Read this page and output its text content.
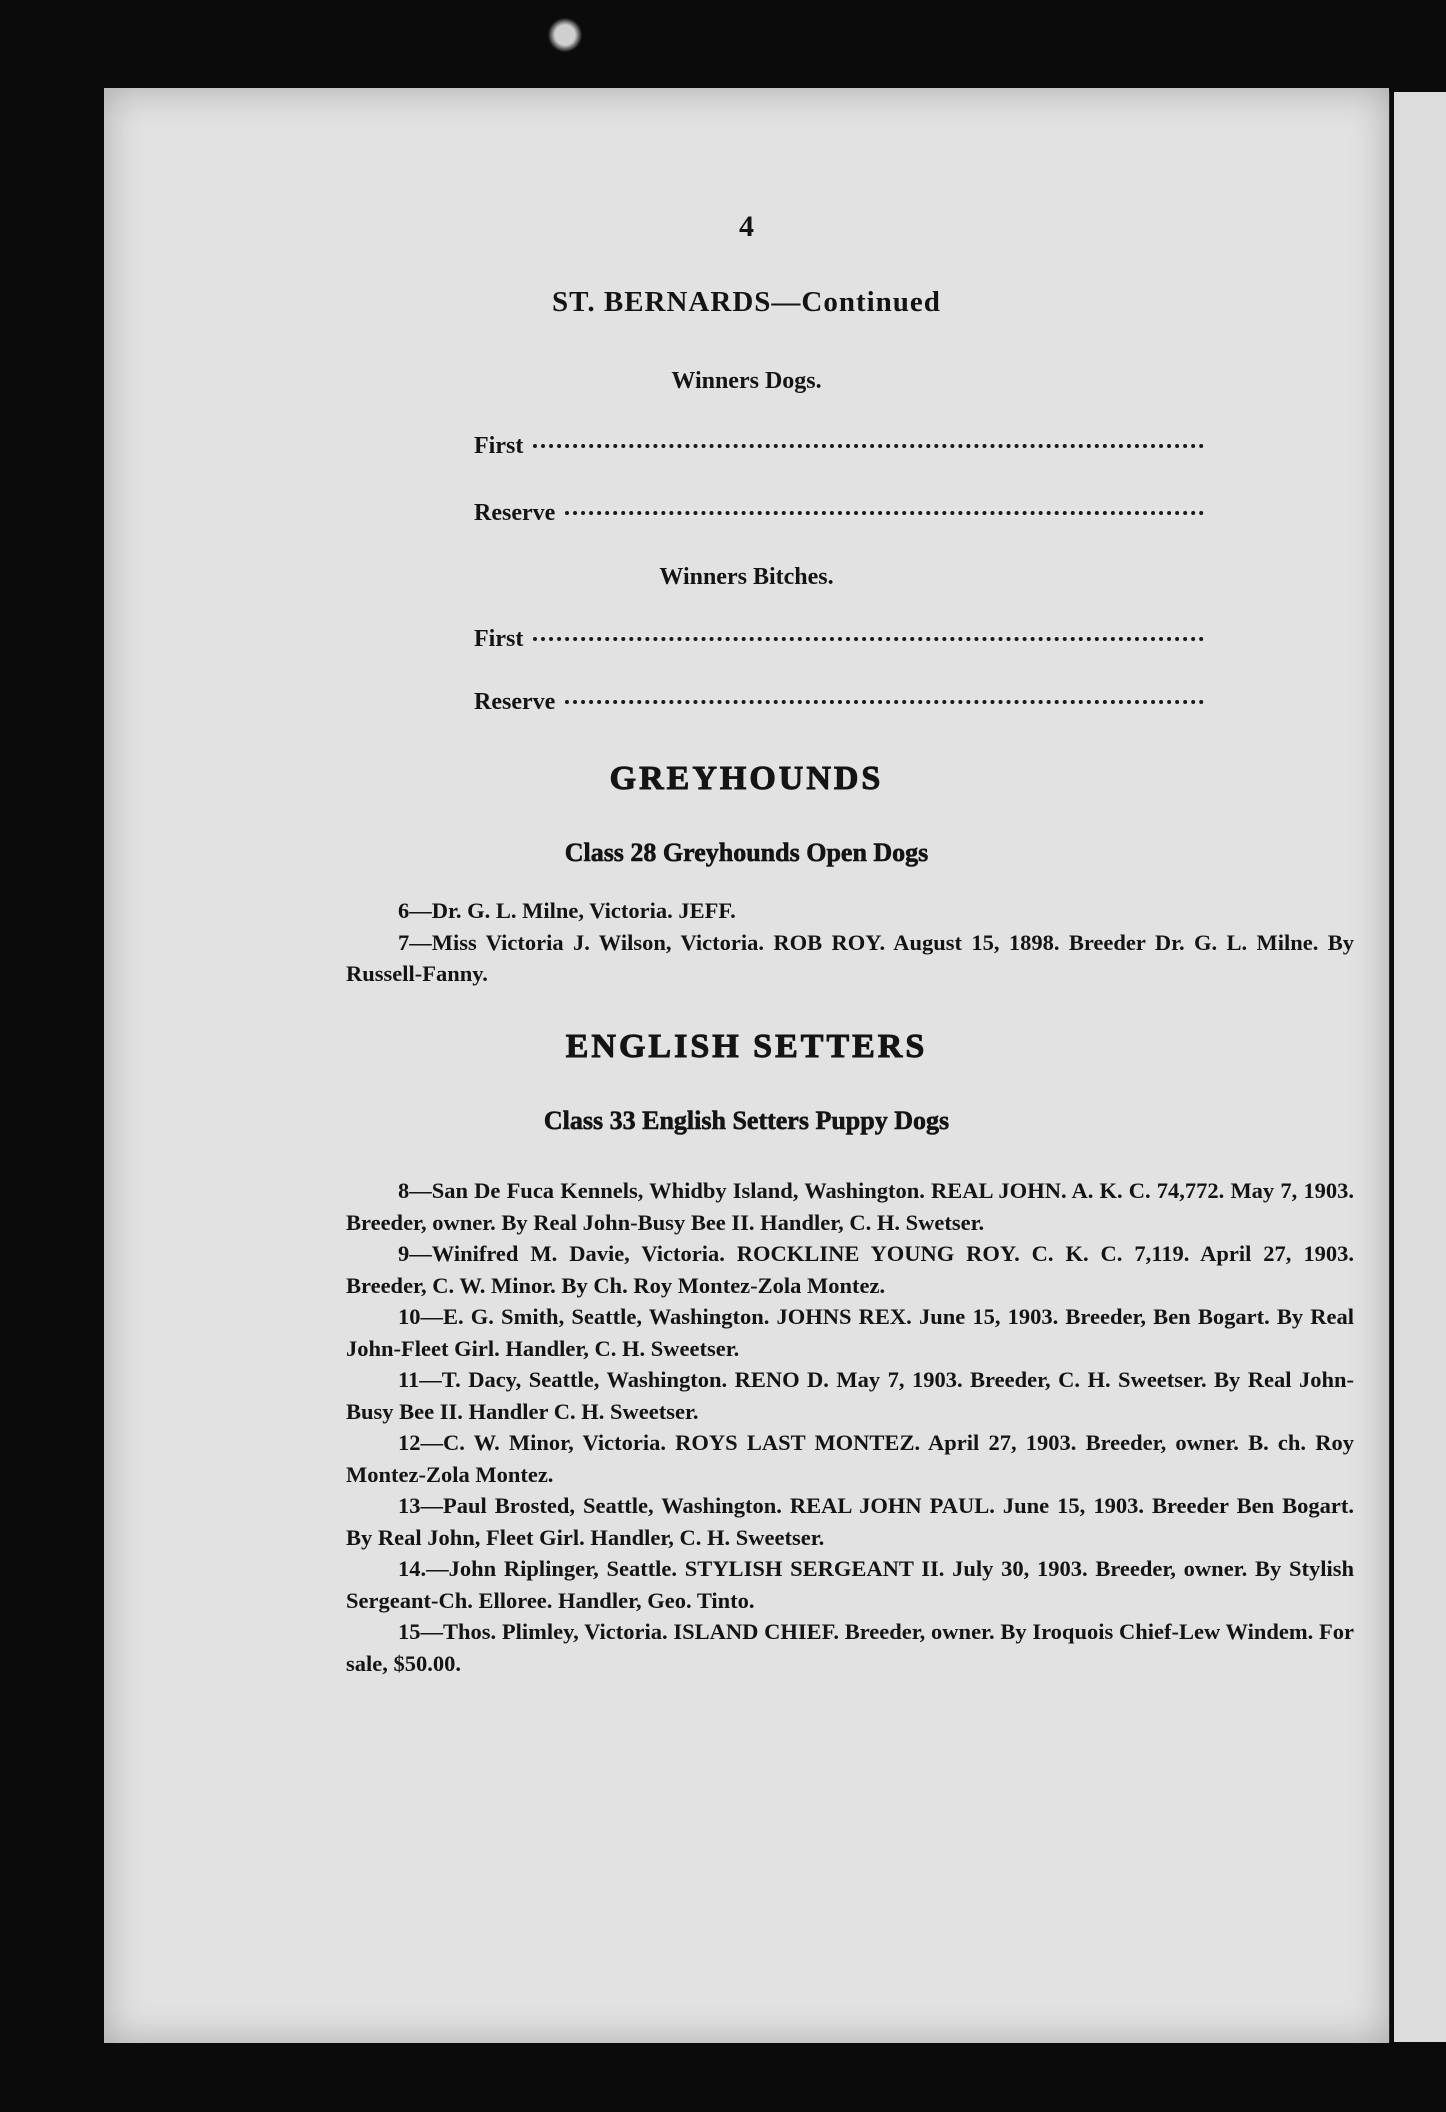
4
ST. BERNARDS—Continued
Winners Dogs.
First
Reserve
Winners Bitches.
First
Reserve
GREYHOUNDS
Class 28 Greyhounds Open Dogs

6—Dr. G. L. Milne, Victoria. JEFF.

7—Miss Victoria J. Wilson, Victoria. ROB ROY. August 15, 1898. Breeder Dr. G. L. Milne. By Russell-Fanny.

ENGLISH SETTERS
Class 33 English Setters Puppy Dogs

8—San De Fuca Kennels, Whidby Island, Washington. REAL JOHN. A. K. C. 74,772. May 7, 1903. Breeder, owner. By Real John-Busy Bee II. Handler, C. H. Swetser.

9—Winifred M. Davie, Victoria. ROCKLINE YOUNG ROY. C. K. C. 7,119. April 27, 1903. Breeder, C. W. Minor. By Ch. Roy Montez-Zola Montez.

10—E. G. Smith, Seattle, Washington. JOHNS REX. June 15, 1903. Breeder, Ben Bogart. By Real John-Fleet Girl. Handler, C. H. Sweetser.

11—T. Dacy, Seattle, Washington. RENO D. May 7, 1903. Breeder, C. H. Sweetser. By Real John-Busy Bee II. Handler C. H. Sweetser.

12—C. W. Minor, Victoria. ROYS LAST MONTEZ. April 27, 1903. Breeder, owner. B. ch. Roy Montez-Zola Montez.

13—Paul Brosted, Seattle, Washington. REAL JOHN PAUL. June 15, 1903. Breeder Ben Bogart. By Real John, Fleet Girl. Handler, C. H. Sweetser.

14.—John Riplinger, Seattle. STYLISH SERGEANT II. July 30, 1903. Breeder, owner. By Stylish Sergeant-Ch. Elloree. Handler, Geo. Tinto.

15—Thos. Plimley, Victoria. ISLAND CHIEF. Breeder, owner. By Iroquois Chief-Lew Windem. For sale, $50.00.
